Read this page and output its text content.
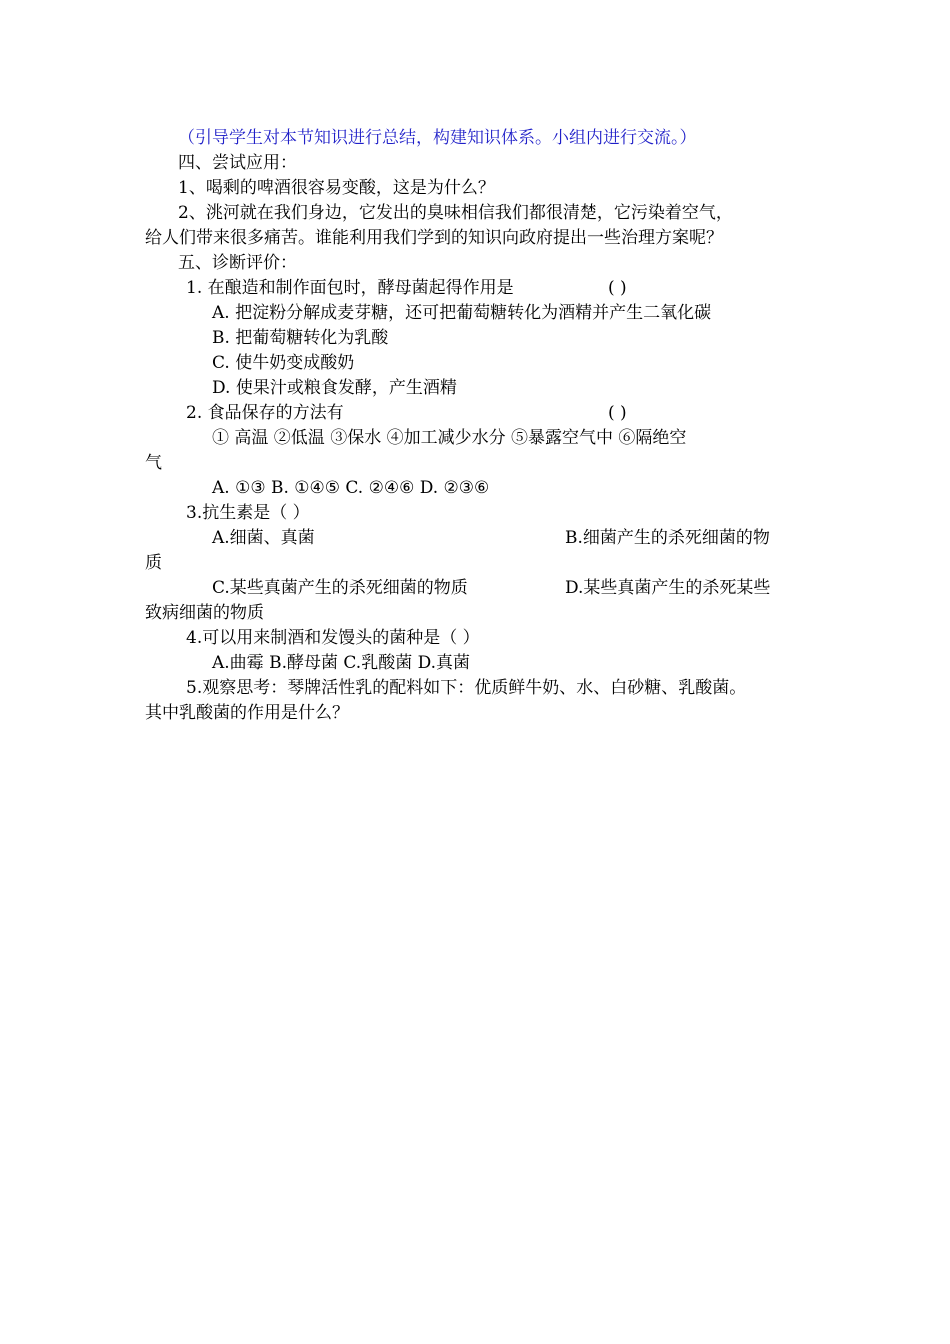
（引导学生对本节知识进行总结，构建知识体系。小组内进行交流。）
四、尝试应用：
1、喝剩的啤酒很容易变酸，这是为什么？
2、洮河就在我们身边，它发出的臭味相信我们都很清楚，它污染着空气，
给人们带来很多痛苦。谁能利用我们学到的知识向政府提出一些治理方案呢？
五、诊断评价：
1. 在酿造和制作面包时，酵母菌起得作用是	( )
A. 把淀粉分解成麦芽糖，还可把葡萄糖转化为酒精并产生二氧化碳
B. 把葡萄糖转化为乳酸
C. 使牛奶变成酸奶
D. 使果汁或粮食发酵，产生酒精
2. 食品保存的方法有	( )
① 高温 ②低温 ③保水 ④加工减少水分 ⑤暴露空气中 ⑥隔绝空
气
A. ①③ B. ①④⑤ C. ②④⑥ D. ②③⑥
3.抗生素是（ ）
A.细菌、真菌	B.细菌产生的杀死细菌的物
质
C.某些真菌产生的杀死细菌的物质	D.某些真菌产生的杀死某些
致病细菌的物质
4.可以用来制酒和发馒头的菌种是（ ）
A.曲霉 B.酵母菌 C.乳酸菌 D.真菌
5.观察思考：琴牌活性乳的配料如下：优质鲜牛奶、水、白砂糖、乳酸菌。
其中乳酸菌的作用是什么？
